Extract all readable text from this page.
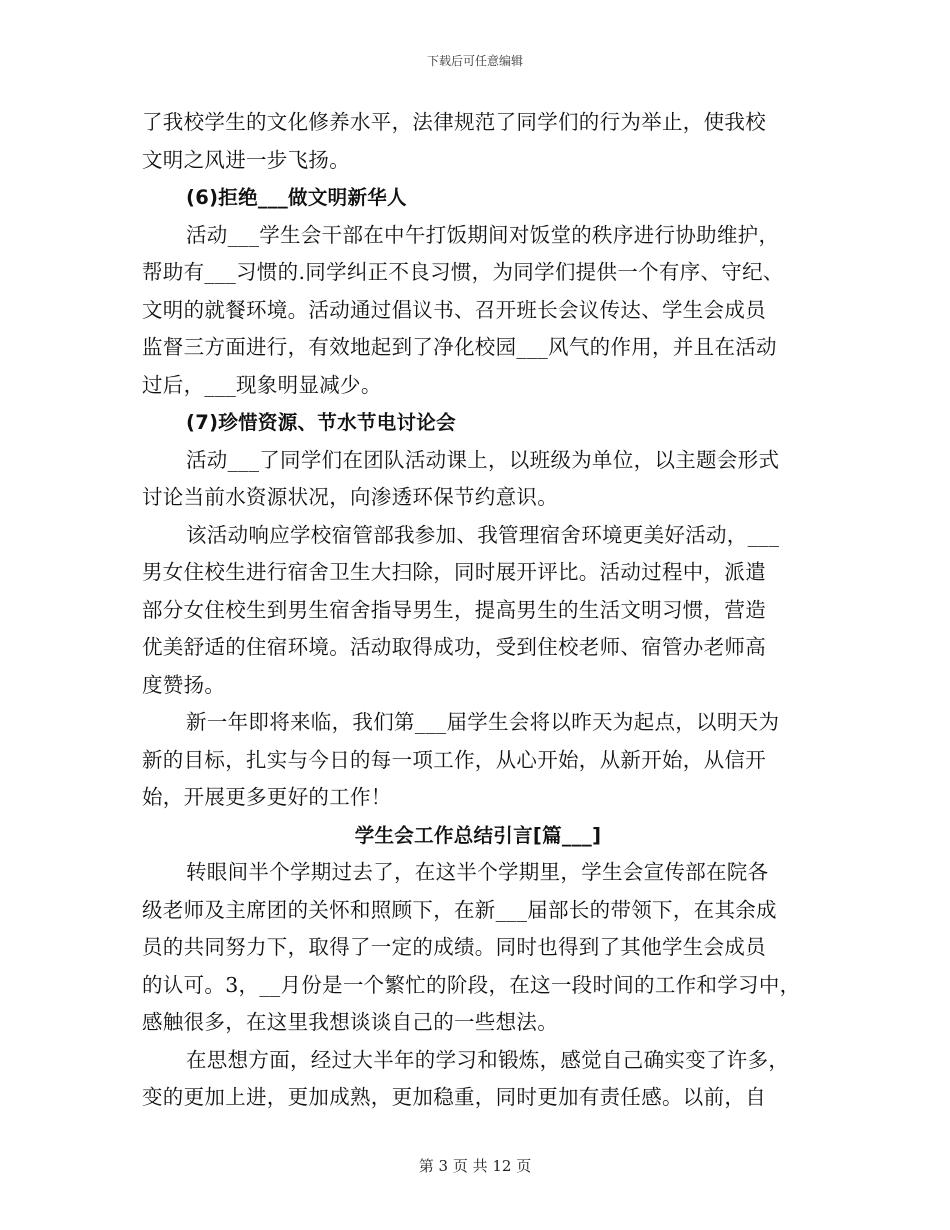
下载后可任意编辑
了我校学生的文化修养水平，法律规范了同学们的行为举止，使我校
文明之风进一步飞扬。
(6)拒绝___做文明新华人
活动___学生会干部在中午打饭期间对饭堂的秩序进行协助维护，
帮助有___习惯的.同学纠正不良习惯，为同学们提供一个有序、守纪、
文明的就餐环境。活动通过倡议书、召开班长会议传达、学生会成员
监督三方面进行，有效地起到了净化校园___风气的作用，并且在活动
过后，___现象明显减少。
(7)珍惜资源、节水节电讨论会
活动___了同学们在团队活动课上，以班级为单位，以主题会形式
讨论当前水资源状况，向渗透环保节约意识。
该活动响应学校宿管部我参加、我管理宿舍环境更美好活动，___
男女住校生进行宿舍卫生大扫除，同时展开评比。活动过程中，派遣
部分女住校生到男生宿舍指导男生，提高男生的生活文明习惯，营造
优美舒适的住宿环境。活动取得成功，受到住校老师、宿管办老师高
度赞扬。
新一年即将来临，我们第___届学生会将以昨天为起点，以明天为
新的目标，扎实与今日的每一项工作，从心开始，从新开始，从信开
始，开展更多更好的工作！
学生会工作总结引言[篇___]
转眼间半个学期过去了，在这半个学期里，学生会宣传部在院各
级老师及主席团的关怀和照顾下，在新___届部长的带领下，在其余成
员的共同努力下，取得了一定的成绩。同时也得到了其他学生会成员
的认可。3，__月份是一个繁忙的阶段，在这一段时间的工作和学习中，
感触很多，在这里我想谈谈自己的一些想法。
在思想方面，经过大半年的学习和锻炼，感觉自己确实变了许多，
变的更加上进，更加成熟，更加稳重，同时更加有责任感。以前，自
第 3 页 共 12 页
